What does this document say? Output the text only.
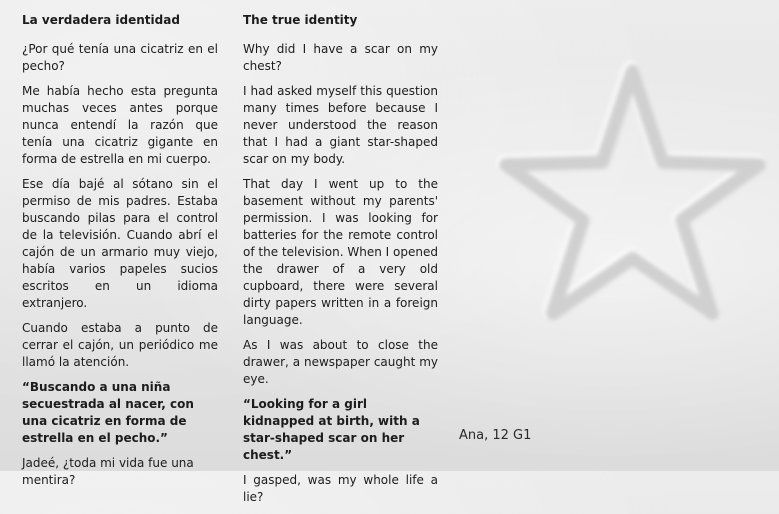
La verdadera identidad

¿Por qué tenía una cicatriz en el pecho?

Me había hecho esta pregunta muchas veces antes porque nunca entendí la razón que tenía una cicatriz gigante en forma de estrella en mi cuerpo.

Ese día bajé al sótano sin el permiso de mis padres. Estaba buscando pilas para el control de la televisión. Cuando abrí el cajón de un armario muy viejo, había varios papeles sucios escritos en un idioma extranjero.

Cuando estaba a punto de cerrar el cajón, un periódico me llamó la atención.

“Buscando a una niña secuestrada al nacer, con una cicatriz en forma de estrella en el pecho.”

Jadeé, ¿toda mi vida fue una mentira?

The true identity

Why did I have a scar on my chest?

I had asked myself this question many times before because I never understood the reason that I had a giant star-shaped scar on my body.

That day I went up to the basement without my parents' permission. I was looking for batteries for the remote control of the television. When I opened the drawer of a very old cupboard, there were several dirty papers written in a foreign language.

As I was about to close the drawer, a newspaper caught my eye.

“Looking for a girl kidnapped at birth, with a star-shaped scar on her chest.”

I gasped, was my whole life a lie?

Ana, 12 G1
